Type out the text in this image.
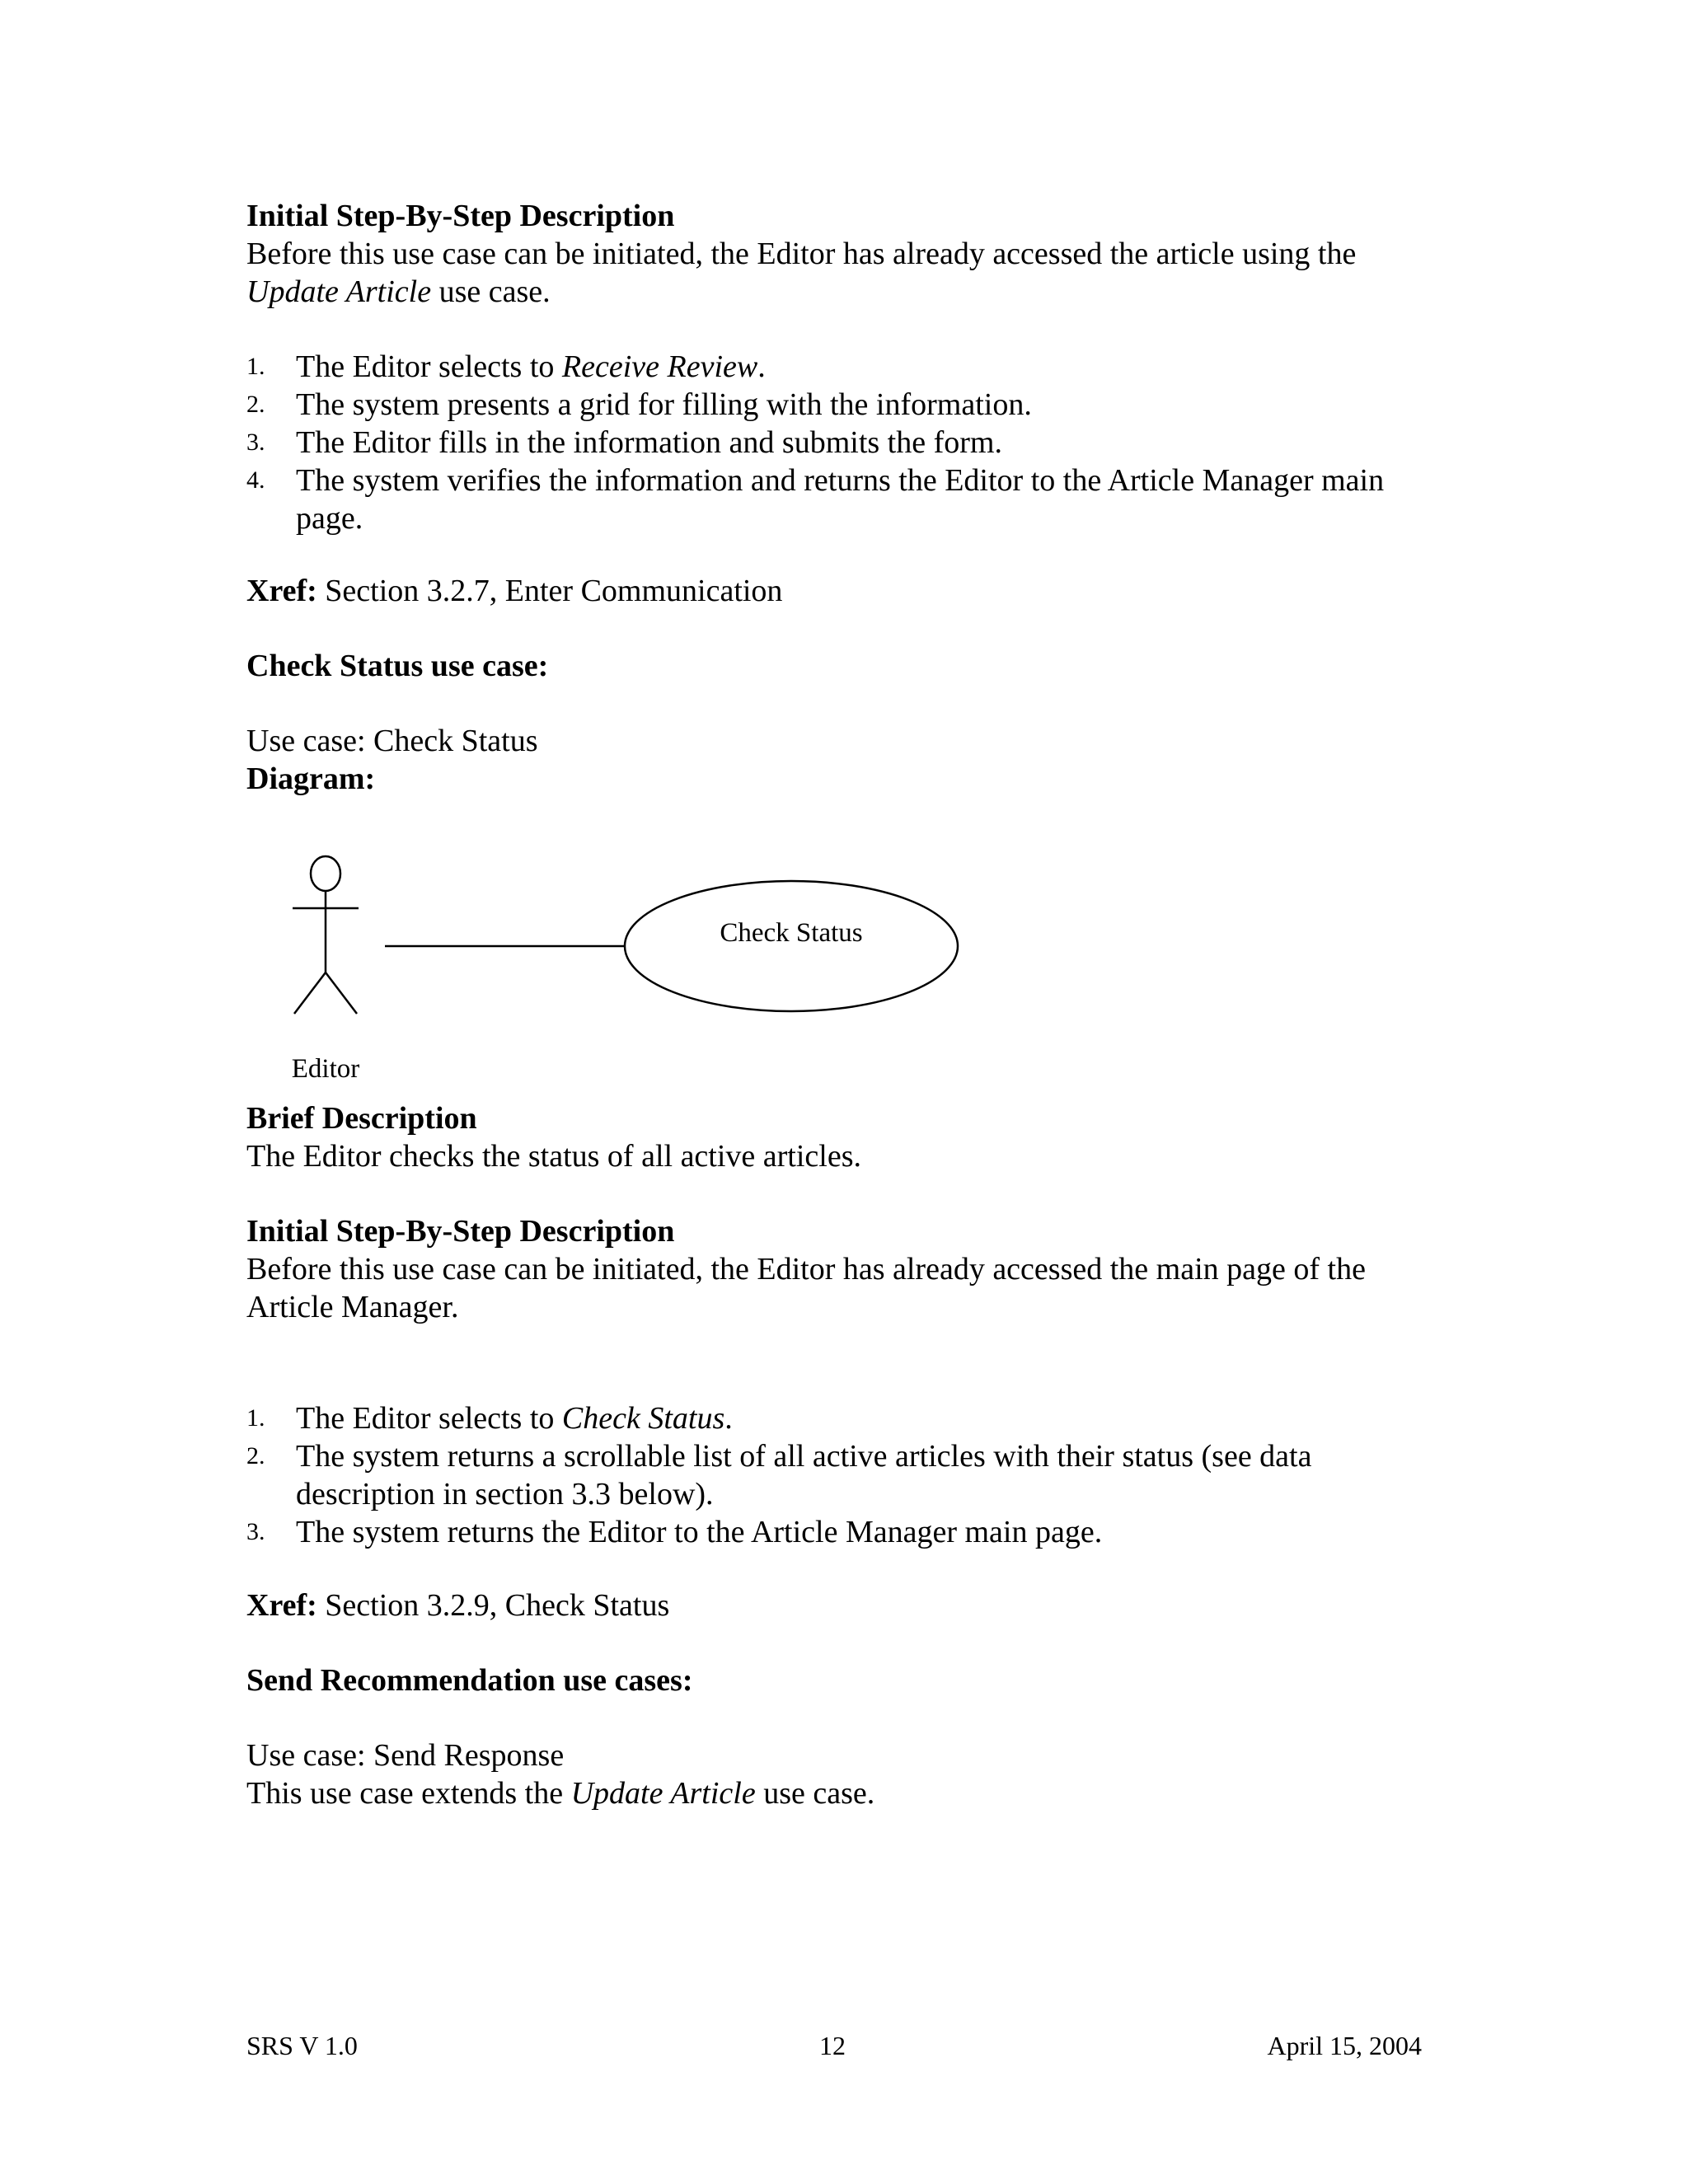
Initial Step-By-Step Description

Before this use case can be initiated, the Editor has already accessed the article using the Update Article use case.

1. The Editor selects to Receive Review.
2. The system presents a grid for filling with the information.
3. The Editor fills in the information and submits the form.
4. The system verifies the information and returns the Editor to the Article Manager main page.

Xref: Section 3.2.7, Enter Communication

Check Status use case:

Use case: Check Status

Diagram:

Editor
Check Status

Brief Description

The Editor checks the status of all active articles.

Initial Step-By-Step Description

Before this use case can be initiated, the Editor has already accessed the main page of the Article Manager.

1. The Editor selects to Check Status.
2. The system returns a scrollable list of all active articles with their status (see data description in section 3.3 below).
3. The system returns the Editor to the Article Manager main page.

Xref: Section 3.2.9, Check Status

Send Recommendation use cases:

Use case: Send Response

This use case extends the Update Article use case.

SRS V 1.0	12	April 15, 2004
